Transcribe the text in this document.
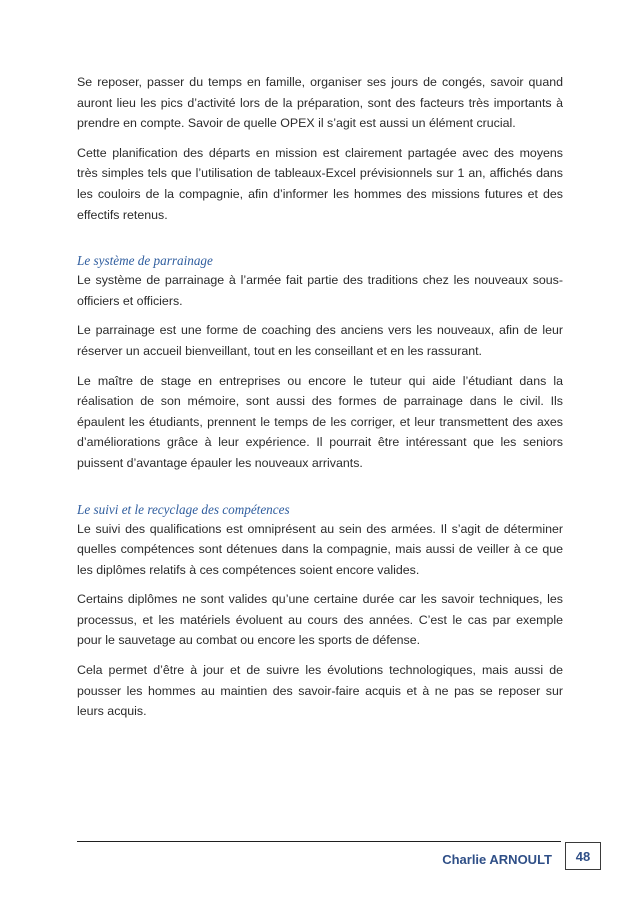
Se reposer, passer du temps en famille, organiser ses jours de congés, savoir quand auront lieu les pics d’activité lors de la préparation, sont des facteurs très importants à prendre en compte. Savoir de quelle OPEX il s’agit est aussi un élément crucial.

Cette planification des départs en mission est clairement partagée avec des moyens très simples tels que l’utilisation de tableaux-Excel prévisionnels sur 1 an, affichés dans les couloirs de la compagnie, afin d’informer les hommes des missions futures et des effectifs retenus.

Le système de parrainage

Le système de parrainage à l’armée fait partie des traditions chez les nouveaux sous-officiers et officiers.

Le parrainage est une forme de coaching des anciens vers les nouveaux, afin de leur réserver un accueil bienveillant, tout en les conseillant et en les rassurant.

Le maître de stage en entreprises ou encore le tuteur qui aide l’étudiant dans la réalisation de son mémoire, sont aussi des formes de parrainage dans le civil. Ils épaulent les étudiants, prennent le temps de les corriger, et leur transmettent des axes d’améliorations grâce à leur expérience. Il pourrait être intéressant que les seniors puissent d’avantage épauler les nouveaux arrivants.

Le suivi et le recyclage des compétences

Le suivi des qualifications est omniprésent au sein des armées. Il s’agit de déterminer quelles compétences sont détenues dans la compagnie, mais aussi de veiller à ce que les diplômes relatifs à ces compétences soient encore valides.

Certains diplômes ne sont valides qu’une certaine durée car les savoir techniques, les processus, et les matériels évoluent au cours des années. C’est le cas par exemple pour le sauvetage au combat ou encore les sports de défense.

Cela permet d’être à jour et de suivre les évolutions technologiques, mais aussi de pousser les hommes au maintien des savoir-faire acquis et à ne pas se reposer sur leurs acquis.

Charlie ARNOULT	48
